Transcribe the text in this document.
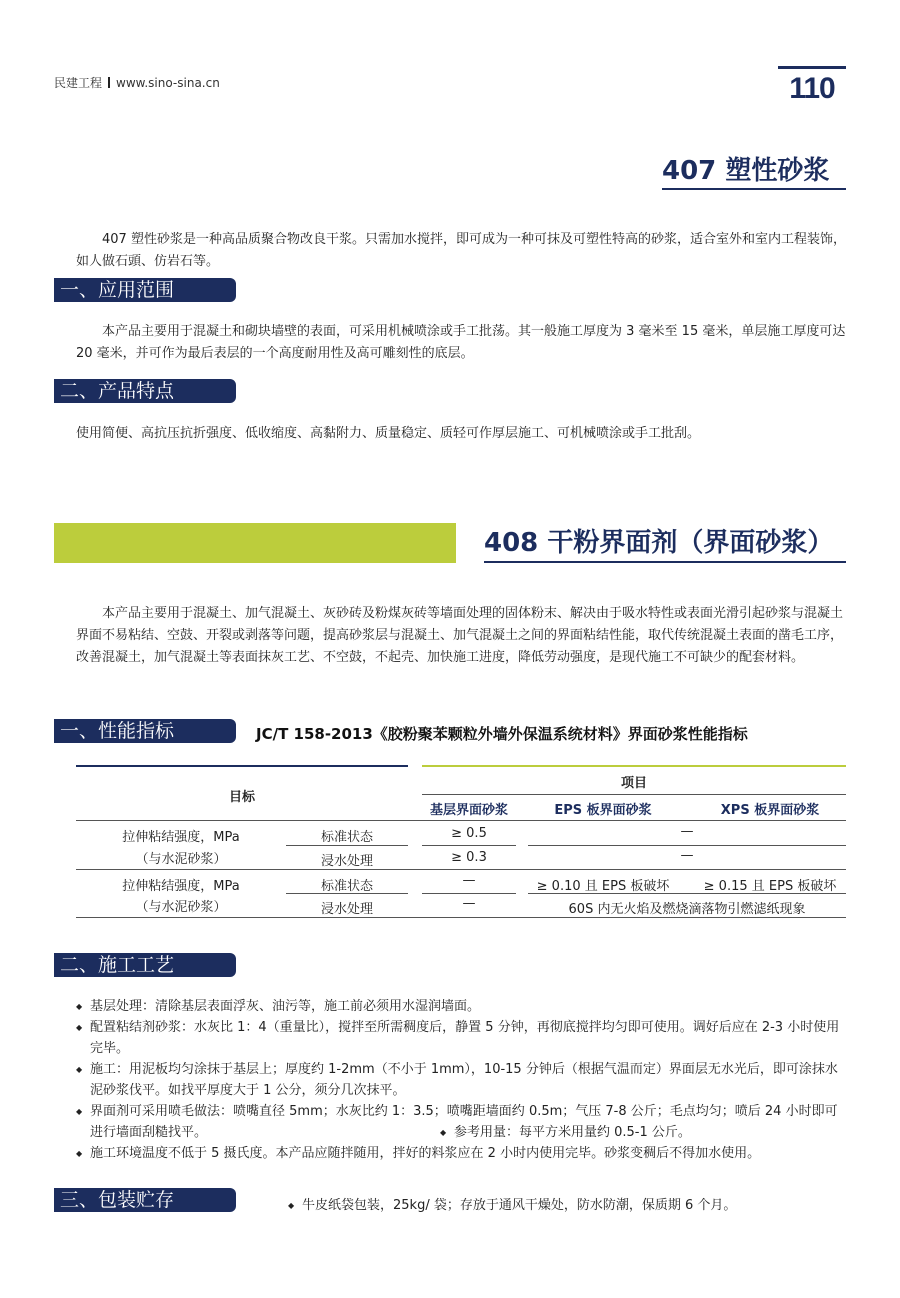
民建工程 www.sino-sina.cn	110
407 塑性砂浆

407 塑性砂浆是一种高品质聚合物改良干浆。只需加水搅拌，即可成为一种可抹及可塑性特高的砂浆，适合室外和室内工程装饰，如人做石頭、仿岩石等。

一、应用范围

本产品主要用于混凝土和砌块墙壁的表面，可采用机械喷涂或手工批荡。其一般施工厚度为 3 毫米至 15 毫米，单层施工厚度可达 20 毫米，并可作为最后表层的一个高度耐用性及高可雕刻性的底层。

二、产品特点

使用简便、高抗压抗折强度、低收缩度、高黏附力、质量稳定、质轻可作厚层施工、可机械喷涂或手工批刮。

408 干粉界面剂（界面砂浆）

本产品主要用于混凝土、加气混凝土、灰砂砖及粉煤灰砖等墙面处理的固体粉末、解决由于吸水特性或表面光滑引起砂浆与混凝土界面不易粘结、空鼓、开裂或剥落等问题，提高砂浆层与混凝土、加气混凝土之间的界面粘结性能，取代传统混凝土表面的凿毛工序，改善混凝土，加气混凝土等表面抹灰工艺、不空鼓，不起壳、加快施工进度，降低劳动强度，是现代施工不可缺少的配套材料。

一、性能指标	JC/T 158-2013《胶粉聚苯颗粒外墙外保温系统材料》界面砂浆性能指标
目标
项目
基层界面砂浆	EPS 板界面砂浆	XPS 板界面砂浆
拉伸粘结强度，MPa
（与水泥砂浆）
标准状态
浸水处理
≥ 0.5	—
≥ 0.3	—
拉伸粘结强度，MPa
（与水泥砂浆）
标准状态
浸水处理
—	≥ 0.10 且 EPS 板破坏	≥ 0.15 且 EPS 板破坏
—	60S 内无火焰及燃烧滴落物引燃滤纸现象
二、施工工艺
◆ 基层处理：清除基层表面浮灰、油污等，施工前必须用水湿润墙面。
◆ 配置粘结剂砂浆：水灰比 1：4（重量比），搅拌至所需稠度后，静置 5 分钟，再彻底搅拌均匀即可使用。调好后应在 2-3 小时使用完毕。
◆ 施工：用泥板均匀涂抹于基层上；厚度约 1-2mm（不小于 1mm），10-15 分钟后（根据气温而定）界面层无水光后，即可涂抹水泥砂浆伐平。如找平厚度大于 1 公分，须分几次抹平。
◆ 界面剂可采用喷毛做法：喷嘴直径 5mm；水灰比约 1：3.5；喷嘴距墙面约 0.5m；气压 7-8 公斤；毛点均匀；喷后 24 小时即可进行墙面刮糙找平。
◆ 施工环境温度不低于 5 摄氏度。本产品应随拌随用，拌好的料浆应在 2 小时内使用完毕。砂浆变稠后不得加水使用。
◆ 参考用量：每平方米用量约 0.5-1 公斤。
三、包装贮存
◆	牛皮纸袋包装，25kg/ 袋；存放于通风干燥处，防水防潮，保质期 6 个月。
